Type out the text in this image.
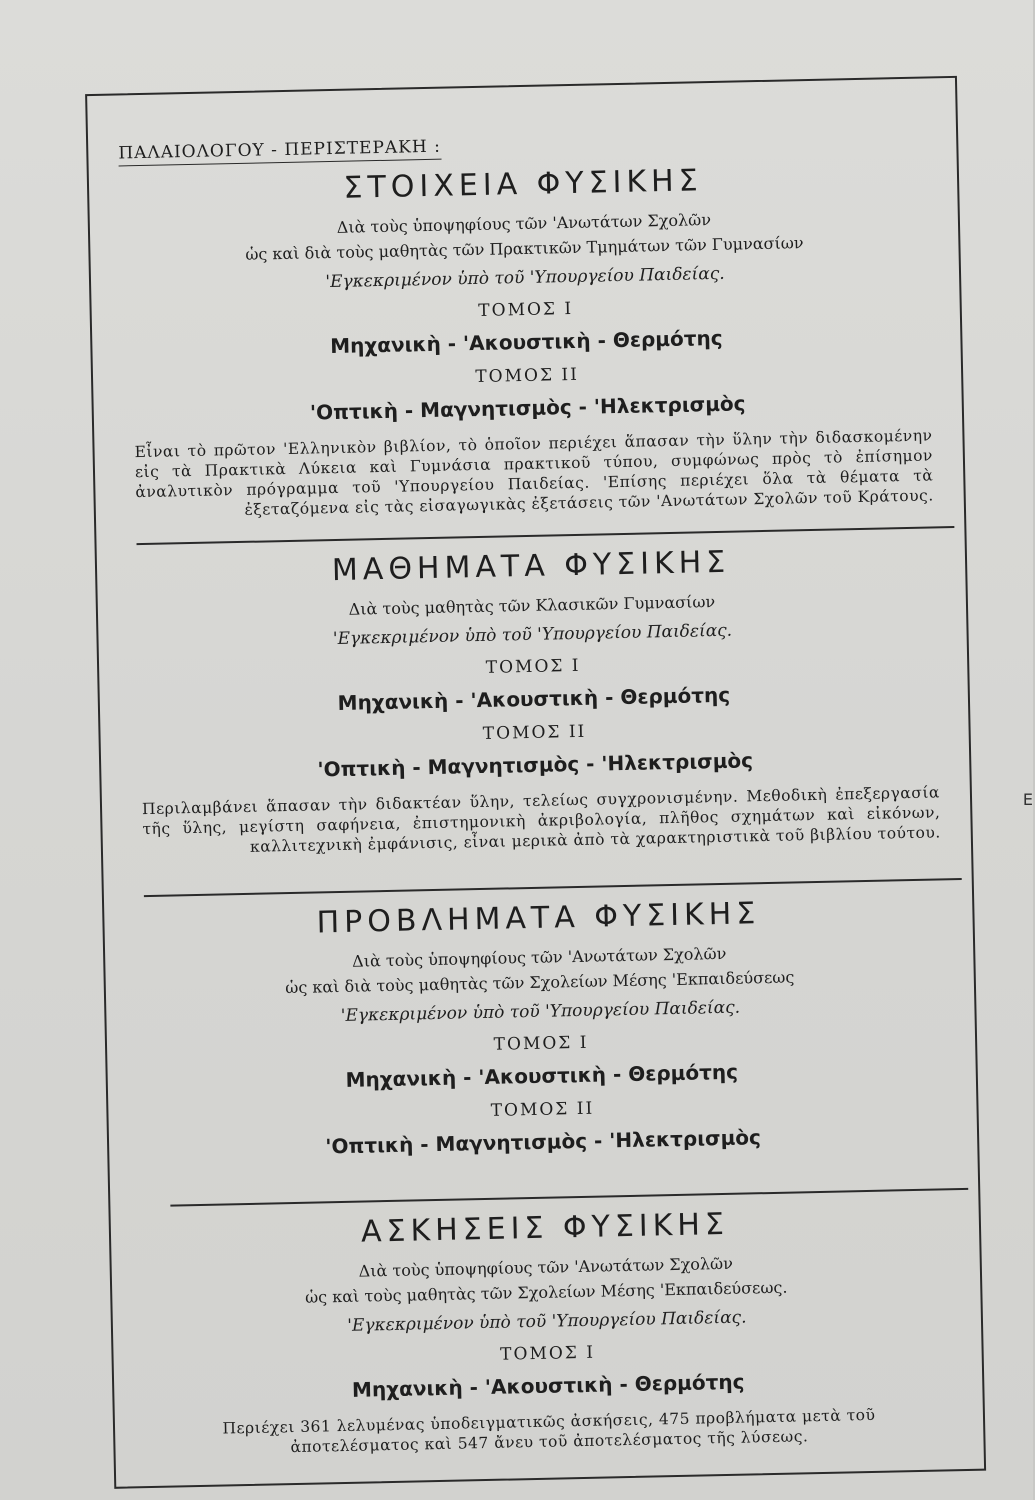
E
ΠΑΛΑΙΟΛΟΓΟΥ - ΠΕΡΙΣΤΕΡΑΚΗ :
ΣΤΟΙΧΕΙΑ ΦΥΣΙΚΗΣ

Διὰ τοὺς ὑποψηφίους τῶν 'Ανωτάτων Σχολῶν

ὡς καὶ διὰ τοὺς μαθητὰς τῶν Πρακτικῶν Τμημάτων τῶν Γυμνασίων

'Εγκεκριμένον ὑπὸ τοῦ 'Υπουργείου Παιδείας.

ΤΟΜΟΣ Ι

Μηχανικὴ - 'Ακουστικὴ - Θερμότης

ΤΟΜΟΣ ΙΙ

'Οπτικὴ - Μαγνητισμὸς - 'Ηλεκτρισμὸς

Εἶναι τὸ πρῶτον 'Ελληνικὸν βιβλίον, τὸ ὁποῖον περιέχει ἅπασαν τὴν ὕλην τὴν διδασκομένην εἰς τὰ Πρακτικὰ Λύκεια καὶ Γυμνάσια πρακτικοῦ τύπου, συμφώνως πρὸς τὸ ἐπίσημον ἀναλυτικὸν πρόγραμμα τοῦ 'Υπουργείου Παιδείας. 'Επίσης περιέχει ὅλα τὰ θέματα τὰ ἐξεταζόμενα εἰς τὰς εἰσαγωγικὰς ἐξετάσεις τῶν 'Ανωτάτων Σχολῶν τοῦ Κράτους.

ΜΑΘΗΜΑΤΑ ΦΥΣΙΚΗΣ

Διὰ τοὺς μαθητὰς τῶν Κλασικῶν Γυμνασίων

'Εγκεκριμένον ὑπὸ τοῦ 'Υπουργείου Παιδείας.

ΤΟΜΟΣ Ι

Μηχανικὴ - 'Ακουστικὴ - Θερμότης

ΤΟΜΟΣ ΙΙ

'Οπτικὴ - Μαγνητισμὸς - 'Ηλεκτρισμὸς

Περιλαμβάνει ἅπασαν τὴν διδακτέαν ὕλην, τελείως συγχρονισμένην. Μεθοδικὴ ἐπεξεργασία τῆς ὕλης, μεγίστη σαφήνεια, ἐπιστημονικὴ ἀκριβολογία, πλῆθος σχημάτων καὶ εἰκόνων, καλλιτεχνικὴ ἐμφάνισις, εἶναι μερικὰ ἀπὸ τὰ χαρακτηριστικὰ τοῦ βιβλίου τούτου.

ΠΡΟΒΛΗΜΑΤΑ ΦΥΣΙΚΗΣ

Διὰ τοὺς ὑποψηφίους τῶν 'Ανωτάτων Σχολῶν

ὡς καὶ διὰ τοὺς μαθητὰς τῶν Σχολείων Μέσης 'Εκπαιδεύσεως

'Εγκεκριμένον ὑπὸ τοῦ 'Υπουργείου Παιδείας.

ΤΟΜΟΣ Ι

Μηχανικὴ - 'Ακουστικὴ - Θερμότης

ΤΟΜΟΣ ΙΙ

'Οπτικὴ - Μαγνητισμὸς - 'Ηλεκτρισμὸς

ΑΣΚΗΣΕΙΣ ΦΥΣΙΚΗΣ

Διὰ τοὺς ὑποψηφίους τῶν 'Ανωτάτων Σχολῶν

ὡς καὶ τοὺς μαθητὰς τῶν Σχολείων Μέσης 'Εκπαιδεύσεως.

'Εγκεκριμένον ὑπὸ τοῦ 'Υπουργείου Παιδείας.

ΤΟΜΟΣ Ι

Μηχανικὴ - 'Ακουστικὴ - Θερμότης

Περιέχει 361 λελυμένας ὑποδειγματικῶς ἀσκήσεις, 475 προβλήματα μετὰ τοῦ ἀποτελέσματος καὶ 547 ἄνευ τοῦ ἀποτελέσματος τῆς λύσεως.
